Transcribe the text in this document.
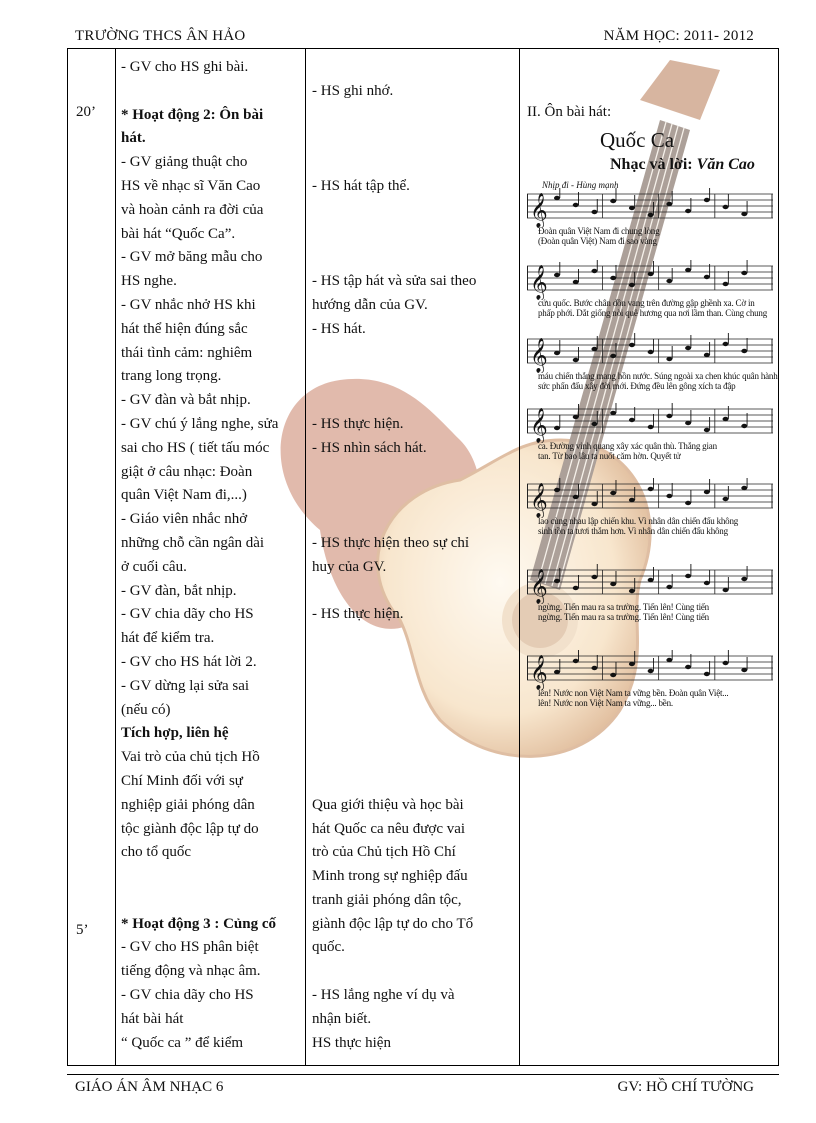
TRƯỜNG THCS ÂN HẢO	NĂM HỌC: 2011- 2012
20’
5’
- GV cho HS ghi bài.

* Hoạt động 2: Ôn bài
hát.
- GV giảng thuật cho
HS về nhạc sĩ Văn Cao
và hoàn cảnh ra đời của
bài hát “Quốc Ca”.
- GV mở băng mẫu cho
HS nghe.
- GV nhắc nhở HS khi
hát thể hiện đúng sắc
thái tình cảm: nghiêm
trang long trọng.
- GV đàn và bắt nhịp.
- GV chú ý lắng nghe, sửa
sai cho HS ( tiết tấu móc
giật ở câu nhạc: Đoàn
quân Việt Nam đi,...)
- Giáo viên nhắc nhở
những chỗ cần ngân dài
ở cuối câu.
- GV đàn, bắt nhịp.
- GV chia dãy cho HS
hát để kiểm tra.
- GV cho HS hát lời 2.
- GV dừng lại sửa sai
(nếu có)
Tích hợp, liên hệ
Vai trò của chủ tịch Hồ
Chí Minh đối với sự
nghiệp giải phóng dân
tộc giành độc lập tự do
cho tổ quốc

* Hoạt động 3 : Củng cố
- GV cho HS phân biệt
tiếng động và nhạc âm.
- GV chia dãy cho HS
hát bài hát
“ Quốc ca ” để kiểm

- HS ghi nhớ.

- HS hát tập thể.

- HS tập hát và sửa sai theo
hướng dẫn của GV.
- HS hát.

- HS thực hiện.
- HS nhìn sách hát.

- HS thực hiện theo sự chỉ
huy của GV.

- HS thực hiện.

Qua giới thiệu và học bài
hát Quốc ca nêu được vai
trò của Chủ tịch Hồ Chí
Minh trong sự nghiệp đấu
tranh giải phóng dân tộc,
giành độc lập tự do cho Tổ
quốc.

- HS lắng nghe ví dụ và
nhận biết.
HS thực hiện
II. Ôn bài hát:
Quốc Ca
Nhạc và lời: Văn Cao
Nhịp đi - Hùng mạnh
𝄞
Đoàn quân Việt Nam đi chung lòng
(Đoàn quân Việt) Nam đi sao vàng
𝄞
cứu quốc. Bước chân dồn vang trên đường gập ghềnh xa. Cờ in
phấp phới. Dắt giống nòi quê hương qua nơi lầm than. Cùng chung
𝄞
máu chiến thắng mang hồn nước. Súng ngoài xa chen khúc quân hành
sức phấn đấu xây đời mới. Đứng đều lên gông xích ta đập
𝄞
ca. Đường vinh quang xây xác quân thù. Thắng gian
tan. Từ bao lâu ta nuốt căm hờn. Quyết tử
𝄞
lao cùng nhau lập chiến khu. Vì nhân dân chiến đấu không
sinh tồn ta tươi thắm hơn. Vì nhân dân chiến đấu không
𝄞
ngừng. Tiến mau ra sa trường. Tiến lên! Cùng tiến
ngừng. Tiến mau ra sa trường. Tiến lên! Cùng tiến
𝄞
lên! Nước non Việt Nam ta vững bền. Đoàn quân Việt...
lên! Nước non Việt Nam ta vững... bền.
GIÁO ÁN ÂM NHẠC 6	GV: HỒ CHÍ TƯỜNG
